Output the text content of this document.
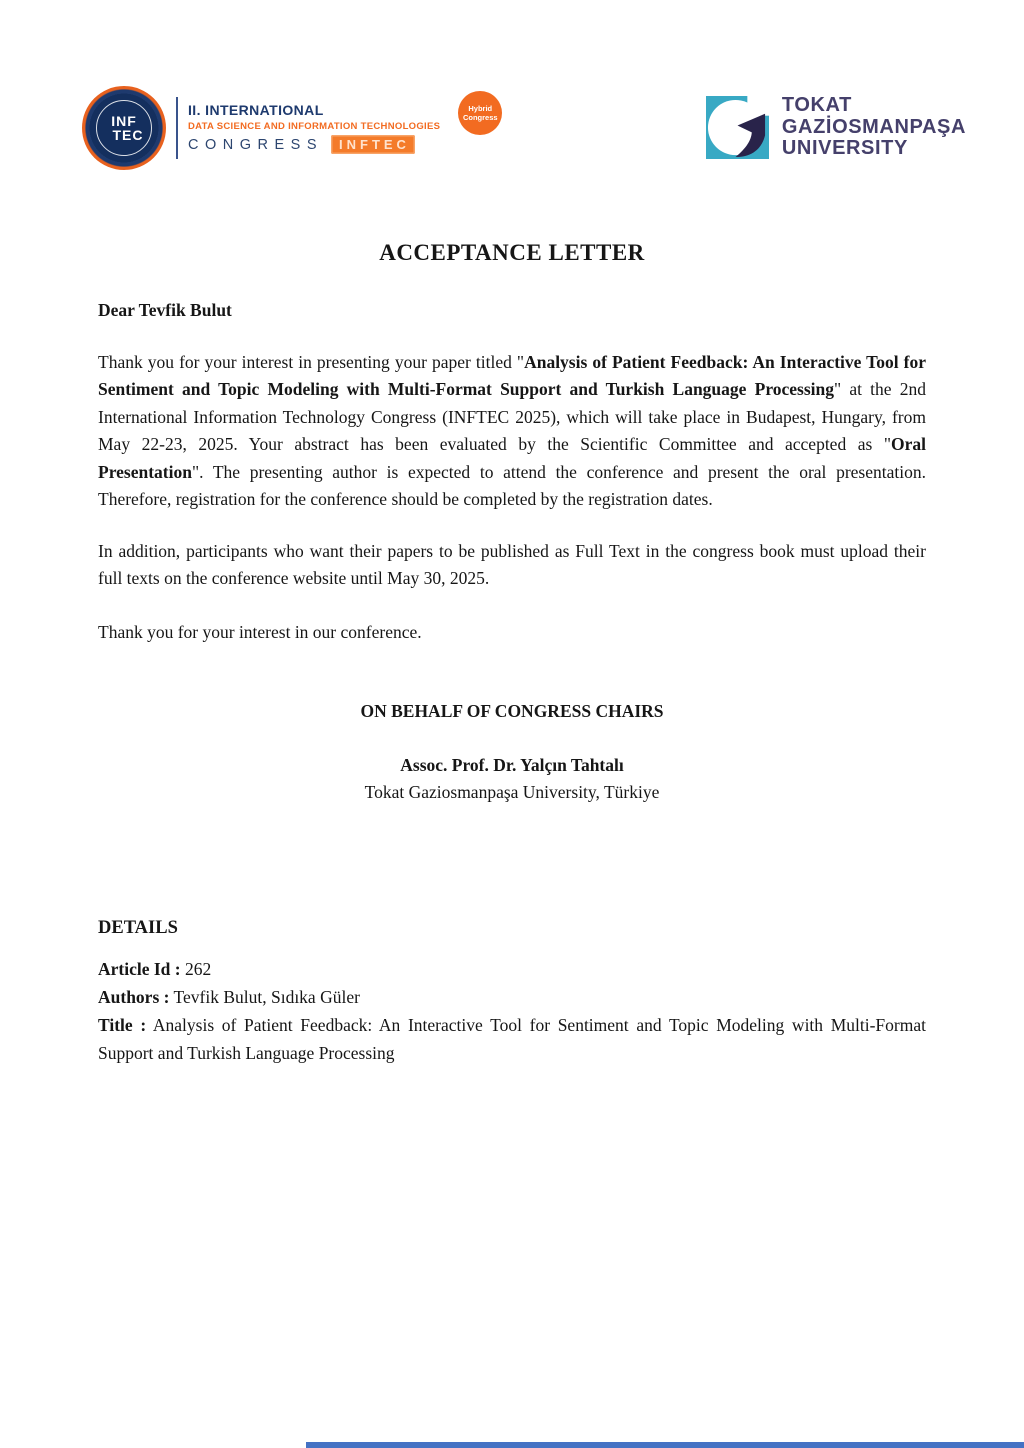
INF
TEC
II. INTERNATIONAL
DATA SCIENCE AND INFORMATION TECHNOLOGIES
CONGRESS	INFTEC
Hybrid
Congress
TOKAT
GAZİOSMANPAŞA
UNIVERSITY
ACCEPTANCE LETTER
Dear Tevfik Bulut

Thank you for your interest in presenting your paper titled "Analysis of Patient Feedback: An Interactive Tool for Sentiment and Topic Modeling with Multi-Format Support and Turkish Language Processing" at the 2nd International Information Technology Congress (INFTEC 2025), which will take place in Budapest, Hungary, from May 22-23, 2025. Your abstract has been evaluated by the Scientific Committee and accepted as "Oral Presentation". The presenting author is expected to attend the conference and present the oral presentation. Therefore, registration for the conference should be completed by the registration dates.

In addition, participants who want their papers to be published as Full Text in the congress book must upload their full texts on the conference website until May 30, 2025.

Thank you for your interest in our conference.

ON BEHALF OF CONGRESS CHAIRS
Assoc. Prof. Dr. Yalçın Tahtalı
Tokat Gaziosmanpaşa University, Türkiye
DETAILS
Article Id : 262
Authors : Tevfik Bulut, Sıdıka Güler
Title : Analysis of Patient Feedback: An Interactive Tool for Sentiment and Topic Modeling with Multi-Format Support and Turkish Language Processing
